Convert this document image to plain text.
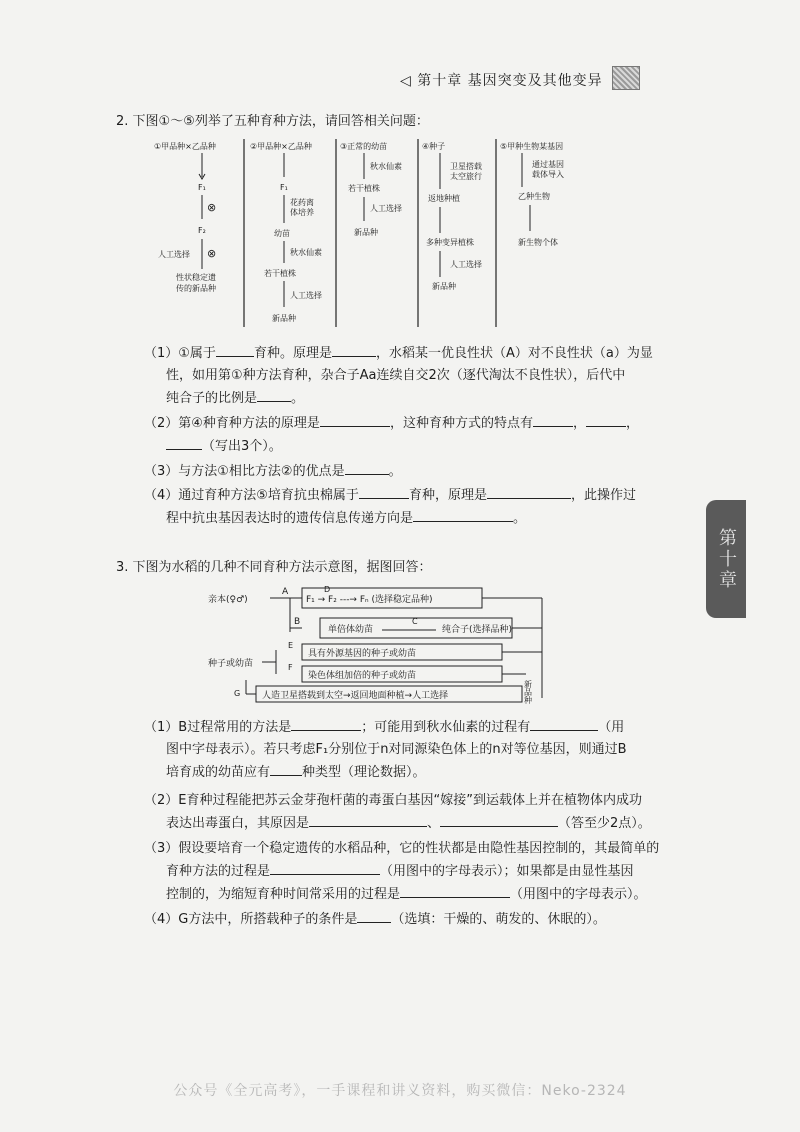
◁ 第十章 基因突变及其他变异
第十章
2. 下图①～⑤列举了五种育种方法，请回答相关问题：
①甲品种×乙品种
F₁
⊗
F₂
人工选择 ⊗
性状稳定遗
传的新品种
②甲品种×乙品种
F₁
花药离
体培养
幼苗
秋水仙素
若干植株
人工选择
新品种
③正常的幼苗
秋水仙素
若干植株
人工选择
新品种
④种子
卫星搭载
太空旅行
返地种植
多种变异植株
人工选择
新品种
⑤甲种生物某基因
通过基因
载体导入
乙种生物
新生物个体
（1）①属于	育种。原理是	，水稻某一优良性状（A）对不良性状（a）为显
性，如用第①种方法育种，杂合子Aa连续自交2次（逐代淘汰不良性状），后代中
纯合子的比例是	。
（2）第④种育种方法的原理是	，这种育种方式的特点有	，	，
（写出3个）。
（3）与方法①相比方法②的优点是	。
（4）通过育种方法⑤培育抗虫棉属于	育种，原理是	，此操作过
程中抗虫基因表达时的遗传信息传递方向是	。
3. 下图为水稻的几种不同育种方法示意图，据图回答：
亲本(♀♂)
A
B
F₁ → F₂ ---→ Fₙ (选择稳定品种)
D
单倍体幼苗
C
纯合子(选择品种)
种子或幼苗
E
F
具有外源基因的种子或幼苗
染色体组加倍的种子或幼苗
G 人造卫星搭载到太空→返回地面种植→人工选择	新品种
（1）B过程常用的方法是	；可能用到秋水仙素的过程有	（用
图中字母表示）。若只考虑F₁分别位于n对同源染色体上的n对等位基因，则通过B
培育成的幼苗应有 种类型（理论数据）。
（2）E育种过程能把苏云金芽孢杆菌的毒蛋白基因“嫁接”到运载体上并在植物体内成功
表达出毒蛋白，其原因是	、	（答至少2点）。
（3）假设要培育一个稳定遗传的水稻品种，它的性状都是由隐性基因控制的，其最简单的
育种方法的过程是	（用图中的字母表示）；如果都是由显性基因
控制的，为缩短育种时间常采用的过程是	（用图中的字母表示）。
（4）G方法中，所搭载种子的条件是	（选填：干燥的、萌发的、休眠的）。
公众号《全元高考》，一手课程和讲义资料，购买微信：Neko-2324
